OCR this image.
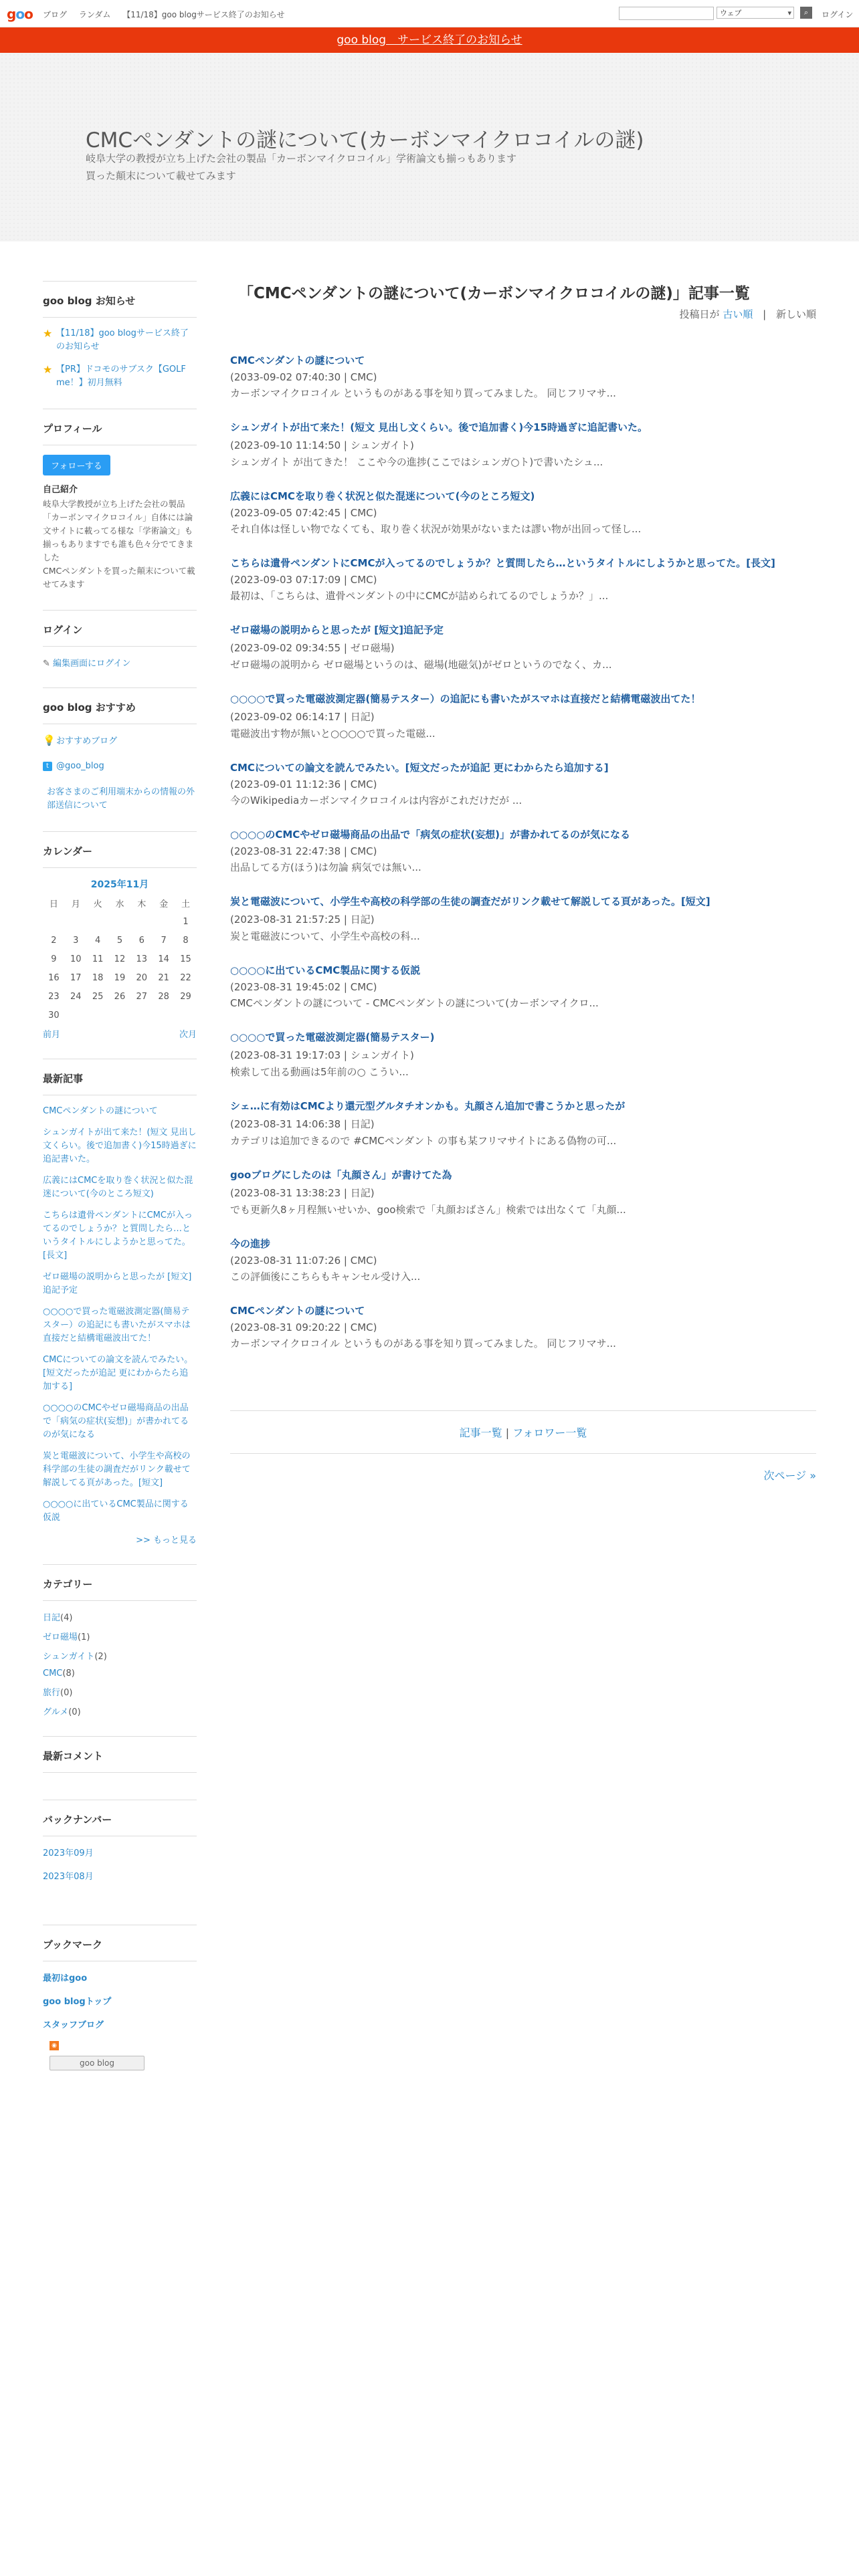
goo ブログ ランダム 【11/18】goo blogサービス終了のお知らせ	ウェブ ▾	⌕	ログイン
goo blog　サービス終了のお知らせ
CMCペンダントの謎について(カーボンマイクロコイルの謎)
岐阜大学の教授が立ち上げた会社の製品「カーボンマイクロコイル」学術論文も揃っもあります
買った顛末について載せてみます
goo blog お知らせ
★ 【11/18】goo blogサービス終了のお知らせ
★ 【PR】ドコモのサブスク【GOLF me！】初月無料
プロフィール
フォローする
自己紹介
岐阜大学教授が立ち上げた会社の製品「カーボンマイクロコイル」自体には論文サイトに載ってる様な「学術論文」も揃っもありますでも誰も色々分でてきました
CMCペンダントを買った顛末について載せてみます
ログイン
✎ 編集画面にログイン
goo blog おすすめ
💡 おすすめブログ
t @goo_blog
お客さまのご利用端末からの情報の外部送信について
カレンダー
2025年11月
日	月	火	水	木	金	土
						1
2	3	4	5	6	7	8
9	10	11	12	13	14	15
16	17	18	19	20	21	22
23	24	25	26	27	28	29
30						
前月	次月
最新記事
CMCペンダントの謎について
シュンガイトが出て来た！(短文 見出し文くらい。後で追加書く)今15時過ぎに追記書いた。
広義にはCMCを取り巻く状況と似た混迷について(今のところ短文)
こちらは遺骨ペンダントにCMCが入ってるのでしょうか？と質問したら…というタイトルにしようかと思ってた。[長文]
ゼロ磁場の説明からと思ったが [短文]追記予定
○○○○で買った電磁波測定器(簡易テスター）の追記にも書いたがスマホは直接だと結構電磁波出てた！
CMCについての論文を読んでみたい。[短文だったが追記 更にわからたら追加する]
○○○○のCMCやゼロ磁場商品の出品で「病気の症状(妄想)」が書かれてるのが気になる
炭と電磁波について、小学生や高校の科学部の生徒の調査だがリンク載せて解説してる頁があった。[短文]
○○○○に出ているCMC製品に関する仮説
>> もっと見る
カテゴリー
日記(4)
ゼロ磁場(1)
シュンガイト(2)
CMC(8)
旅行(0)
グルメ(0)
最新コメント
バックナンバー
2023年09月
2023年08月
ブックマーク
最初はgoo
goo blogトップ
スタッフブログ
◉
goo blog
「CMCペンダントの謎について(カーボンマイクロコイルの謎)」記事一覧
投稿日が 古い順 | 新しい順
CMCペンダントの謎について
(2033-09-02 07:40:30 | CMC)
カーボンマイクロコイル というものがある事を知り買ってみました。 同じフリマサ...
シュンガイトが出て来た！(短文 見出し文くらい。後で追加書く)今15時過ぎに追記書いた。
(2023-09-10 11:14:50 | シュンガイト)
シュンガイト が出てきた！ ここや今の進捗(ここではシュンガ○ト)で書いたシュ...
広義にはCMCを取り巻く状況と似た混迷について(今のところ短文)
(2023-09-05 07:42:45 | CMC)
それ自体は怪しい物でなくても、取り巻く状況が効果がないまたは謬い物が出回って怪し...
こちらは遺骨ペンダントにCMCが入ってるのでしょうか？と質問したら…というタイトルにしようかと思ってた。[長文]
(2023-09-03 07:17:09 | CMC)
最初は、「こちらは、遺骨ペンダントの中にCMCが詰められてるのでしょうか？」...
ゼロ磁場の説明からと思ったが [短文]追記予定
(2023-09-02 09:34:55 | ゼロ磁場)
ゼロ磁場の説明から ゼロ磁場というのは、磁場(地磁気)がゼロというのでなく、カ...
○○○○で買った電磁波測定器(簡易テスター）の追記にも書いたがスマホは直接だと結構電磁波出てた！
(2023-09-02 06:14:17 | 日記)
電磁波出す物が無いと○○○○で買った電磁...
CMCについての論文を読んでみたい。[短文だったが追記 更にわからたら追加する]
(2023-09-01 11:12:36 | CMC)
今のWikipediaカーボンマイクロコイルは内容がこれだけだが ...
○○○○のCMCやゼロ磁場商品の出品で「病気の症状(妄想)」が書かれてるのが気になる
(2023-08-31 22:47:38 | CMC)
出品してる方(ほう)は勿論 病気では無い...
炭と電磁波について、小学生や高校の科学部の生徒の調査だがリンク載せて解説してる頁があった。[短文]
(2023-08-31 21:57:25 | 日記)
炭と電磁波について、小学生や高校の科...
○○○○に出ているCMC製品に関する仮説
(2023-08-31 19:45:02 | CMC)
CMCペンダントの謎について - CMCペンダントの謎について(カーボンマイクロ...
○○○○で買った電磁波測定器(簡易テスター)
(2023-08-31 19:17:03 | シュンガイト)
検索して出る動画は5年前の○ こうい...
シェ…に有効はCMCより還元型グルタチオンかも。丸顔さん追加で書こうかと思ったが
(2023-08-31 14:06:38 | 日記)
カテゴリは追加できるので #CMCペンダント の事も某フリマサイトにある偽物の可...
gooブログにしたのは「丸顔さん」が書けてた為
(2023-08-31 13:38:23 | 日記)
でも更新久8ヶ月程無いせいか、goo検索で「丸顔おばさん」検索では出なくて「丸顔...
今の進捗
(2023-08-31 11:07:26 | CMC)
この評価後にこちらもキャンセル受け入...
CMCペンダントの謎について
(2023-08-31 09:20:22 | CMC)
カーボンマイクロコイル というものがある事を知り買ってみました。 同じフリマサ...
記事一覧 | フォロワー一覧
次ページ »
